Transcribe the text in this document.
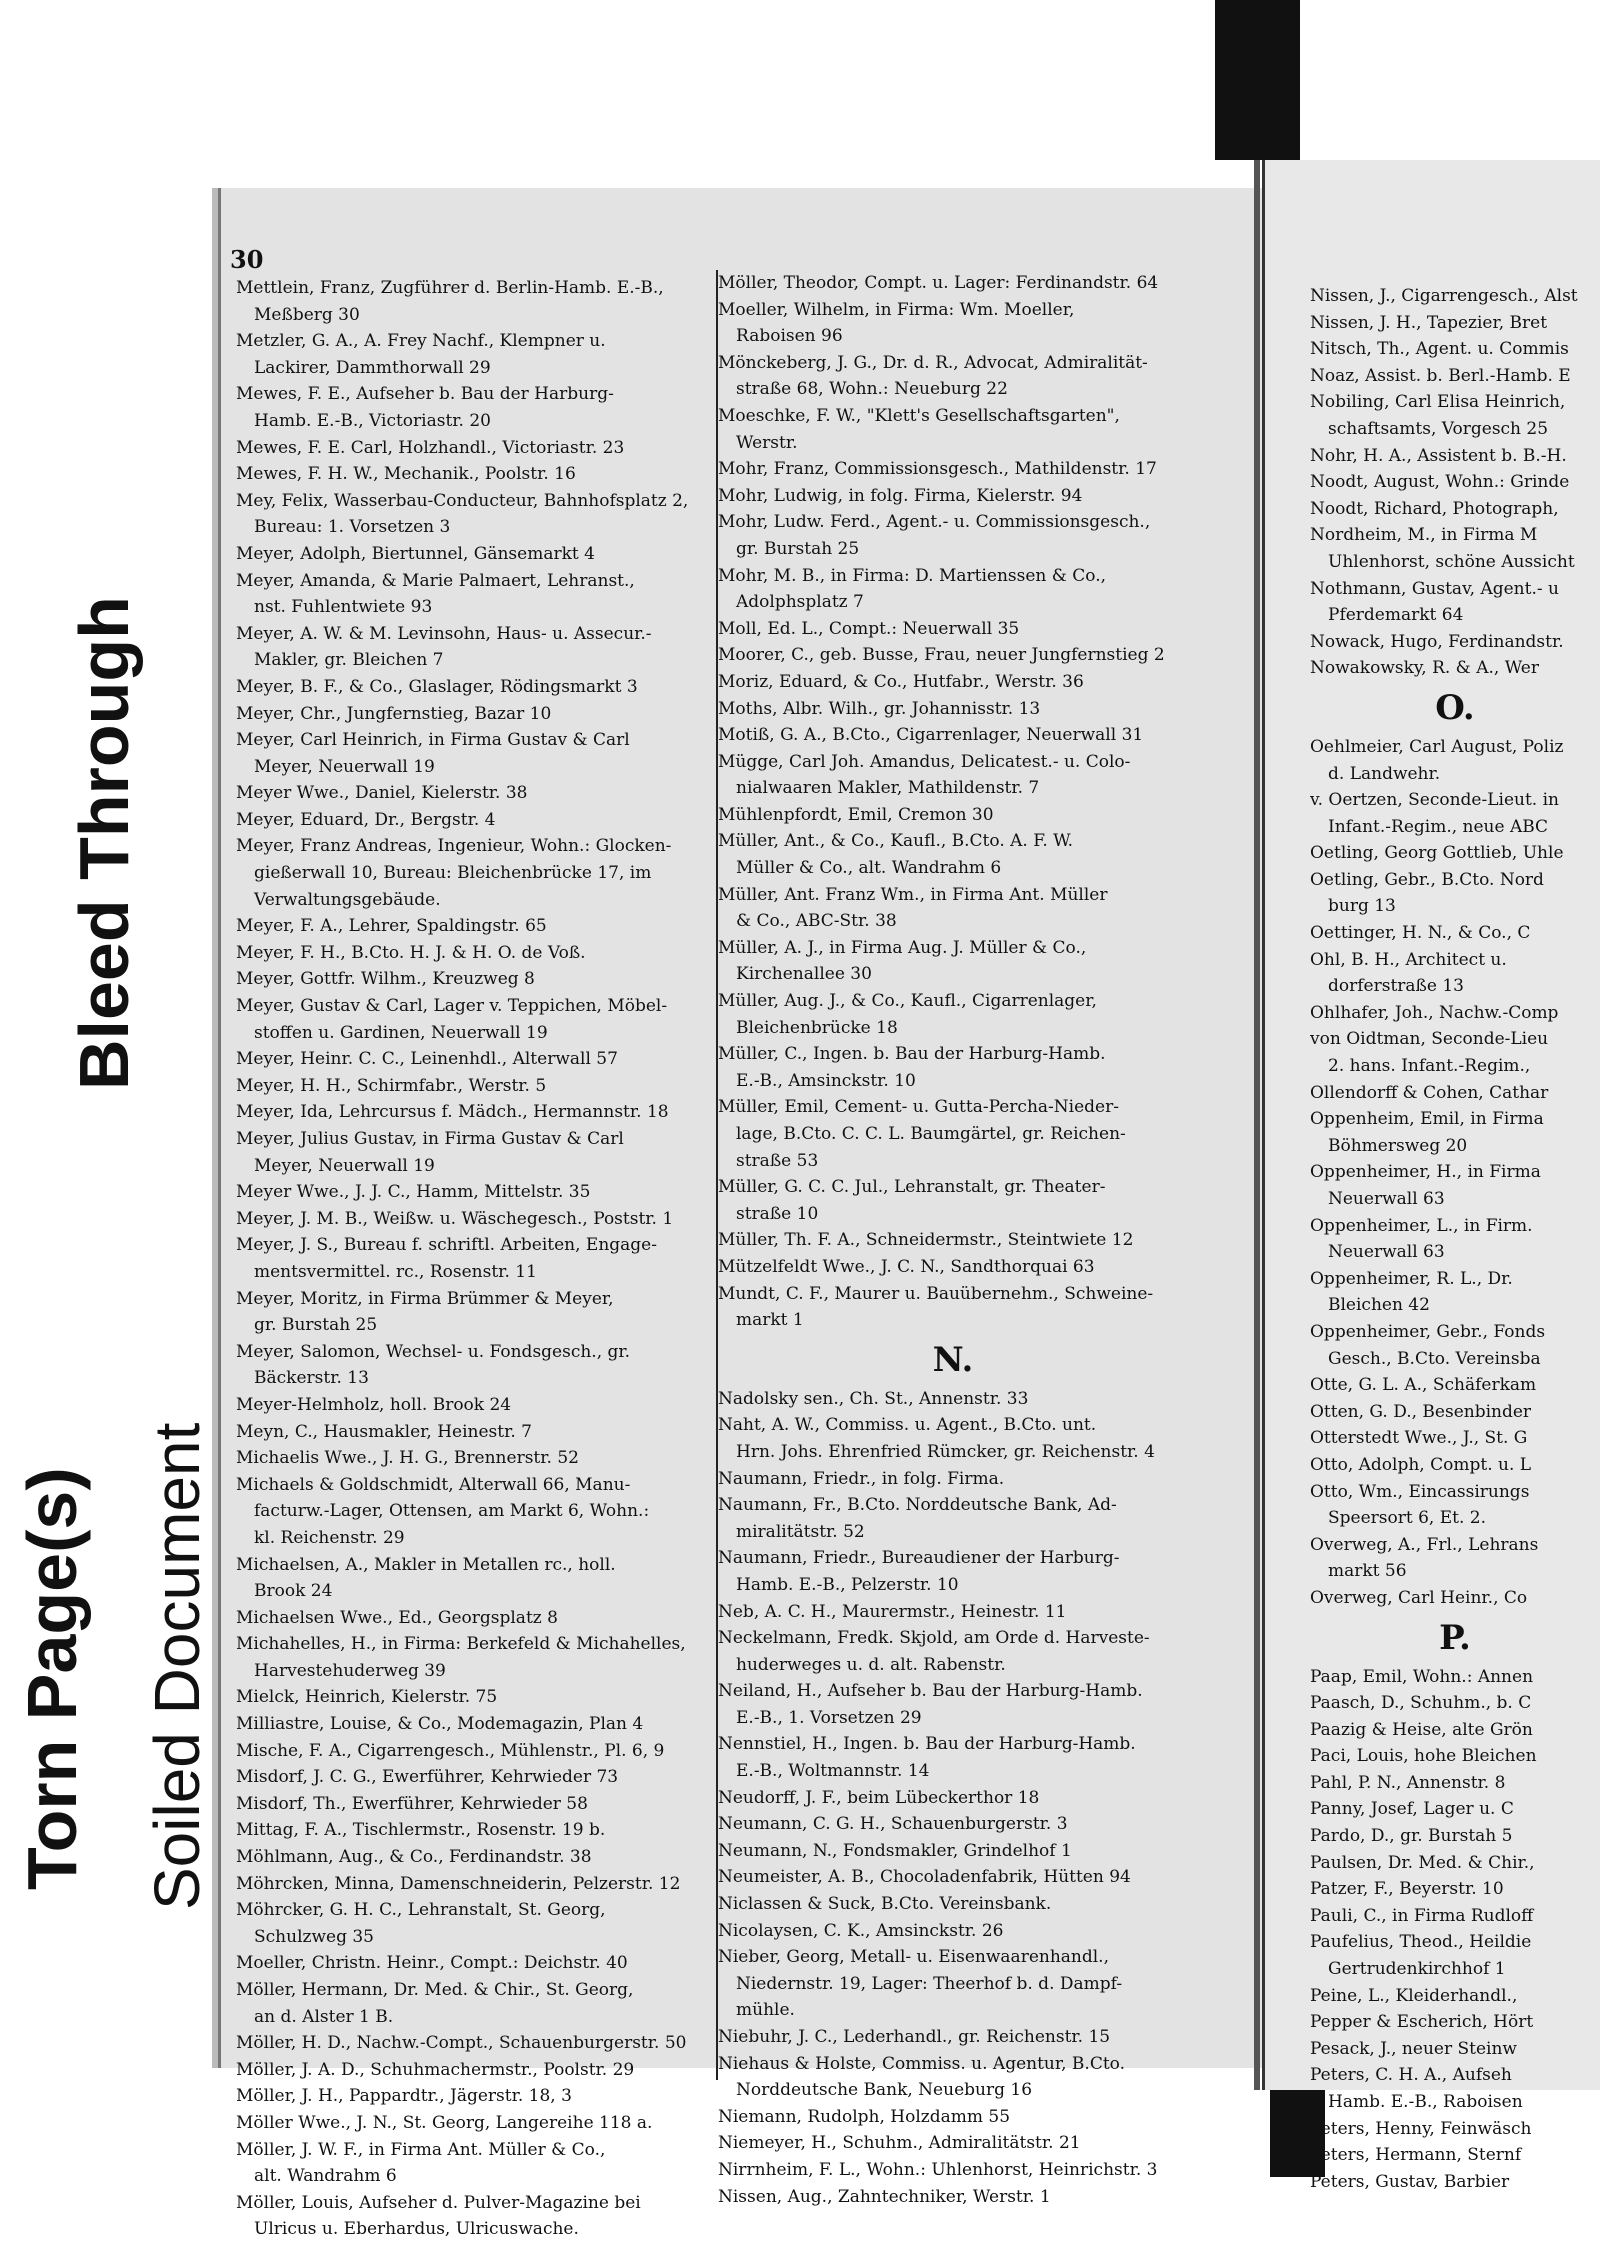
Bleed Through
Torn Page(s) Soiled Document
30
Mettlein, Franz, Zugführer d. Berlin-Hamb. E.-B.,
Meßberg 30
Metzler, G. A., A. Frey Nachf., Klempner u.
Lackirer, Dammthorwall 29
Mewes, F. E., Aufseher b. Bau der Harburg-
Hamb. E.-B., Victoriastr. 20
Mewes, F. E. Carl, Holzhandl., Victoriastr. 23
Mewes, F. H. W., Mechanik., Poolstr. 16
Mey, Felix, Wasserbau-Conducteur, Bahnhofsplatz 2,
Bureau: 1. Vorsetzen 3
Meyer, Adolph, Biertunnel, Gänsemarkt 4
Meyer, Amanda, & Marie Palmaert, Lehranst.,
nst. Fuhlentwiete 93
Meyer, A. W. & M. Levinsohn, Haus- u. Assecur.-
Makler, gr. Bleichen 7
Meyer, B. F., & Co., Glaslager, Rödingsmarkt 3
Meyer, Chr., Jungfernstieg, Bazar 10
Meyer, Carl Heinrich, in Firma Gustav & Carl
Meyer, Neuerwall 19
Meyer Wwe., Daniel, Kielerstr. 38
Meyer, Eduard, Dr., Bergstr. 4
Meyer, Franz Andreas, Ingenieur, Wohn.: Glocken-
gießerwall 10, Bureau: Bleichenbrücke 17, im
Verwaltungsgebäude.
Meyer, F. A., Lehrer, Spaldingstr. 65
Meyer, F. H., B.Cto. H. J. & H. O. de Voß.
Meyer, Gottfr. Wilhm., Kreuzweg 8
Meyer, Gustav & Carl, Lager v. Teppichen, Möbel-
stoffen u. Gardinen, Neuerwall 19
Meyer, Heinr. C. C., Leinenhdl., Alterwall 57
Meyer, H. H., Schirmfabr., Werstr. 5
Meyer, Ida, Lehrcursus f. Mädch., Hermannstr. 18
Meyer, Julius Gustav, in Firma Gustav & Carl
Meyer, Neuerwall 19
Meyer Wwe., J. J. C., Hamm, Mittelstr. 35
Meyer, J. M. B., Weißw. u. Wäschegesch., Poststr. 1
Meyer, J. S., Bureau f. schriftl. Arbeiten, Engage-
mentsvermittel. rc., Rosenstr. 11
Meyer, Moritz, in Firma Brümmer & Meyer,
gr. Burstah 25
Meyer, Salomon, Wechsel- u. Fondsgesch., gr.
Bäckerstr. 13
Meyer-Helmholz, holl. Brook 24
Meyn, C., Hausmakler, Heinestr. 7
Michaelis Wwe., J. H. G., Brennerstr. 52
Michaels & Goldschmidt, Alterwall 66, Manu-
facturw.-Lager, Ottensen, am Markt 6, Wohn.:
kl. Reichenstr. 29
Michaelsen, A., Makler in Metallen rc., holl.
Brook 24
Michaelsen Wwe., Ed., Georgsplatz 8
Michahelles, H., in Firma: Berkefeld & Michahelles,
Harvestehuderweg 39
Mielck, Heinrich, Kielerstr. 75
Milliastre, Louise, & Co., Modemagazin, Plan 4
Mische, F. A., Cigarrengesch., Mühlenstr., Pl. 6, 9
Misdorf, J. C. G., Ewerführer, Kehrwieder 73
Misdorf, Th., Ewerführer, Kehrwieder 58
Mittag, F. A., Tischlermstr., Rosenstr. 19 b.
Möhlmann, Aug., & Co., Ferdinandstr. 38
Möhrcken, Minna, Damenschneiderin, Pelzerstr. 12
Möhrcker, G. H. C., Lehranstalt, St. Georg,
Schulzweg 35
Moeller, Christn. Heinr., Compt.: Deichstr. 40
Möller, Hermann, Dr. Med. & Chir., St. Georg,
an d. Alster 1 B.
Möller, H. D., Nachw.-Compt., Schauenburgerstr. 50
Möller, J. A. D., Schuhmachermstr., Poolstr. 29
Möller, J. H., Pappardtr., Jägerstr. 18, 3
Möller Wwe., J. N., St. Georg, Langereihe 118 a.
Möller, J. W. F., in Firma Ant. Müller & Co.,
alt. Wandrahm 6
Möller, Louis, Aufseher d. Pulver-Magazine bei
Ulricus u. Eberhardus, Ulricuswache.
Möller, Theodor, Compt. u. Lager: Ferdinandstr. 64
Moeller, Wilhelm, in Firma: Wm. Moeller,
Raboisen 96
Mönckeberg, J. G., Dr. d. R., Advocat, Admiralität-
straße 68, Wohn.: Neueburg 22
Moeschke, F. W., "Klett's Gesellschaftsgarten",
Werstr.
Mohr, Franz, Commissionsgesch., Mathildenstr. 17
Mohr, Ludwig, in folg. Firma, Kielerstr. 94
Mohr, Ludw. Ferd., Agent.- u. Commissionsgesch.,
gr. Burstah 25
Mohr, M. B., in Firma: D. Martienssen & Co.,
Adolphsplatz 7
Moll, Ed. L., Compt.: Neuerwall 35
Moorer, C., geb. Busse, Frau, neuer Jungfernstieg 2
Moriz, Eduard, & Co., Hutfabr., Werstr. 36
Moths, Albr. Wilh., gr. Johannisstr. 13
Motiß, G. A., B.Cto., Cigarrenlager, Neuerwall 31
Mügge, Carl Joh. Amandus, Delicatest.- u. Colo-
nialwaaren Makler, Mathildenstr. 7
Mühlenpfordt, Emil, Cremon 30
Müller, Ant., & Co., Kaufl., B.Cto. A. F. W.
Müller & Co., alt. Wandrahm 6
Müller, Ant. Franz Wm., in Firma Ant. Müller
& Co., ABC-Str. 38
Müller, A. J., in Firma Aug. J. Müller & Co.,
Kirchenallee 30
Müller, Aug. J., & Co., Kaufl., Cigarrenlager,
Bleichenbrücke 18
Müller, C., Ingen. b. Bau der Harburg-Hamb.
E.-B., Amsinckstr. 10
Müller, Emil, Cement- u. Gutta-Percha-Nieder-
lage, B.Cto. C. C. L. Baumgärtel, gr. Reichen-
straße 53
Müller, G. C. C. Jul., Lehranstalt, gr. Theater-
straße 10
Müller, Th. F. A., Schneidermstr., Steintwiete 12
Mützelfeldt Wwe., J. C. N., Sandthorquai 63
Mundt, C. F., Maurer u. Bauübernehm., Schweine-
markt 1
N.
Nadolsky sen., Ch. St., Annenstr. 33
Naht, A. W., Commiss. u. Agent., B.Cto. unt.
Hrn. Johs. Ehrenfried Rümcker, gr. Reichenstr. 4
Naumann, Friedr., in folg. Firma.
Naumann, Fr., B.Cto. Norddeutsche Bank, Ad-
miralitätstr. 52
Naumann, Friedr., Bureaudiener der Harburg-
Hamb. E.-B., Pelzerstr. 10
Neb, A. C. H., Maurermstr., Heinestr. 11
Neckelmann, Fredk. Skjold, am Orde d. Harveste-
huderweges u. d. alt. Rabenstr.
Neiland, H., Aufseher b. Bau der Harburg-Hamb.
E.-B., 1. Vorsetzen 29
Nennstiel, H., Ingen. b. Bau der Harburg-Hamb.
E.-B., Woltmannstr. 14
Neudorff, J. F., beim Lübeckerthor 18
Neumann, C. G. H., Schauenburgerstr. 3
Neumann, N., Fondsmakler, Grindelhof 1
Neumeister, A. B., Chocoladenfabrik, Hütten 94
Niclassen & Suck, B.Cto. Vereinsbank.
Nicolaysen, C. K., Amsinckstr. 26
Nieber, Georg, Metall- u. Eisenwaarenhandl.,
Niedernstr. 19, Lager: Theerhof b. d. Dampf-
mühle.
Niebuhr, J. C., Lederhandl., gr. Reichenstr. 15
Niehaus & Holste, Commiss. u. Agentur, B.Cto.
Norddeutsche Bank, Neueburg 16
Niemann, Rudolph, Holzdamm 55
Niemeyer, H., Schuhm., Admiralitätstr. 21
Nirrnheim, F. L., Wohn.: Uhlenhorst, Heinrichstr. 3
Nissen, Aug., Zahntechniker, Werstr. 1
Nissen, J., Cigarrengesch., Alst
Nissen, J. H., Tapezier, Bret
Nitsch, Th., Agent. u. Commis
Noaz, Assist. b. Berl.-Hamb. E
Nobiling, Carl Elisa Heinrich,
schaftsamts, Vorgesch 25
Nohr, H. A., Assistent b. B.-H.
Noodt, August, Wohn.: Grinde
Noodt, Richard, Photograph,
Nordheim, M., in Firma M
Uhlenhorst, schöne Aussicht
Nothmann, Gustav, Agent.- u
Pferdemarkt 64
Nowack, Hugo, Ferdinandstr.
Nowakowsky, R. & A., Wer
O.
Oehlmeier, Carl August, Poliz
d. Landwehr.
v. Oertzen, Seconde-Lieut. in
Infant.-Regim., neue ABC
Oetling, Georg Gottlieb, Uhle
Oetling, Gebr., B.Cto. Nord
burg 13
Oettinger, H. N., & Co., C
Ohl, B. H., Architect u.
dorferstraße 13
Ohlhafer, Joh., Nachw.-Comp
von Oidtman, Seconde-Lieu
2. hans. Infant.-Regim.,
Ollendorff & Cohen, Cathar
Oppenheim, Emil, in Firma
Böhmersweg 20
Oppenheimer, H., in Firma
Neuerwall 63
Oppenheimer, L., in Firm.
Neuerwall 63
Oppenheimer, R. L., Dr.
Bleichen 42
Oppenheimer, Gebr., Fonds
Gesch., B.Cto. Vereinsba
Otte, G. L. A., Schäferkam
Otten, G. D., Besenbinder
Otterstedt Wwe., J., St. G
Otto, Adolph, Compt. u. L
Otto, Wm., Eincassirungs
Speersort 6, Et. 2.
Overweg, A., Frl., Lehrans
markt 56
Overweg, Carl Heinr., Co
P.
Paap, Emil, Wohn.: Annen
Paasch, D., Schuhm., b. C
Paazig & Heise, alte Grön
Paci, Louis, hohe Bleichen
Pahl, P. N., Annenstr. 8
Panny, Josef, Lager u. C
Pardo, D., gr. Burstah 5
Paulsen, Dr. Med. & Chir.,
Patzer, F., Beyerstr. 10
Pauli, C., in Firma Rudloff
Paufelius, Theod., Heildie
Gertrudenkirchhof 1
Peine, L., Kleiderhandl.,
Pepper & Escherich, Hört
Pesack, J., neuer Steinw
Peters, C. H. A., Aufseh
Hamb. E.-B., Raboisen
Peters, Henny, Feinwäsch
Peters, Hermann, Sternf
Peters, Gustav, Barbier
